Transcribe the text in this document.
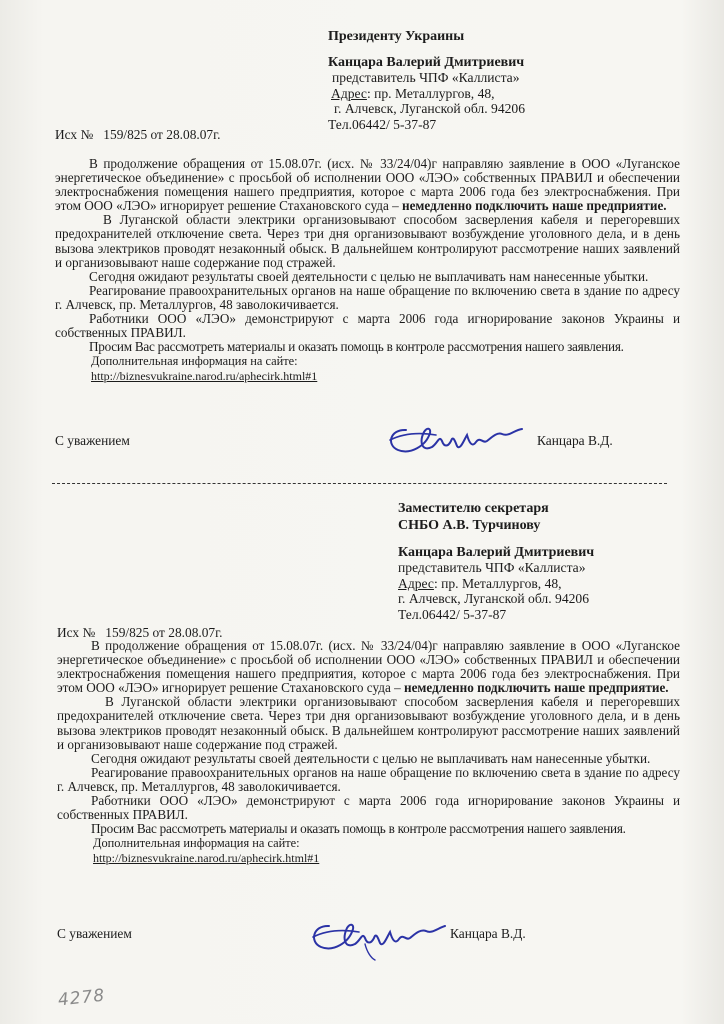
Президенту Украины
Канцара Валерий Дмитриевич
представитель ЧПФ «Каллиста»
Адрес: пр. Металлургов, 48,
г. Алчевск, Луганской обл. 94206
Тел.06442/ 5-37-87
Исх №   159/825 от 28.08.07г.

В продолжение обращения от 15.08.07г. (исх. № 33/24/04)г направляю заявление в ООО «Луганское энергетическое объединение» с просьбой об исполнении ООО «ЛЭО» собственных ПРАВИЛ и обеспечении электроснабжения помещения нашего предприятия, которое с марта 2006 года без электроснабжения. При этом ООО «ЛЭО» игнорирует решение Стахановского суда – немедленно подключить наше предприятие.

В Луганской области электрики организовывают способом засверления кабеля и перегоревших предохранителей отключение света. Через три дня организовывают возбуждение уголовного дела, и в день вызова электриков проводят незаконный обыск. В дальнейшем контролируют рассмотрение наших заявлений и организовывают наше содержание под стражей.

Сегодня ожидают результаты своей деятельности с целью не выплачивать нам нанесенные убытки.

Реагирование правоохранительных органов на наше обращение по включению света в здание по адресу г. Алчевск, пр. Металлургов, 48 заволокичивается.

Работники ООО «ЛЭО» демонстрируют с марта 2006 года игнорирование законов Украины и собственных ПРАВИЛ.

Просим Вас рассмотреть материалы и оказать помощь в контроле рассмотрения нашего заявления.

Дополнительная информация на сайте:

http://biznesvukraine.narod.ru/aphecirk.html#1

С уважением	Канцара В.Д.
Заместителю секретаря
СНБО А.В. Турчинову
Канцара Валерий Дмитриевич
представитель ЧПФ «Каллиста»
Адрес: пр. Металлургов, 48,
г. Алчевск, Луганской обл. 94206
Тел.06442/ 5-37-87
Исх №   159/825 от 28.08.07г.

В продолжение обращения от 15.08.07г. (исх. № 33/24/04)г направляю заявление в ООО «Луганское энергетическое объединение» с просьбой об исполнении ООО «ЛЭО» собственных ПРАВИЛ и обеспечении электроснабжения помещения нашего предприятия, которое с марта 2006 года без электроснабжения. При этом ООО «ЛЭО» игнорирует решение Стахановского суда – немедленно подключить наше предприятие.

В Луганской области электрики организовывают способом засверления кабеля и перегоревших предохранителей отключение света. Через три дня организовывают возбуждение уголовного дела, и в день вызова электриков проводят незаконный обыск. В дальнейшем контролируют рассмотрение наших заявлений и организовывают наше содержание под стражей.

Сегодня ожидают результаты своей деятельности с целью не выплачивать нам нанесенные убытки.

Реагирование правоохранительных органов на наше обращение по включению света в здание по адресу г. Алчевск, пр. Металлургов, 48 заволокичивается.

Работники ООО «ЛЭО» демонстрируют с марта 2006 года игнорирование законов Украины и собственных ПРАВИЛ.

Просим Вас рассмотреть материалы и оказать помощь в контроле рассмотрения нашего заявления.

Дополнительная информация на сайте:

http://biznesvukraine.narod.ru/aphecirk.html#1

С уважением	Канцара В.Д.
4278
